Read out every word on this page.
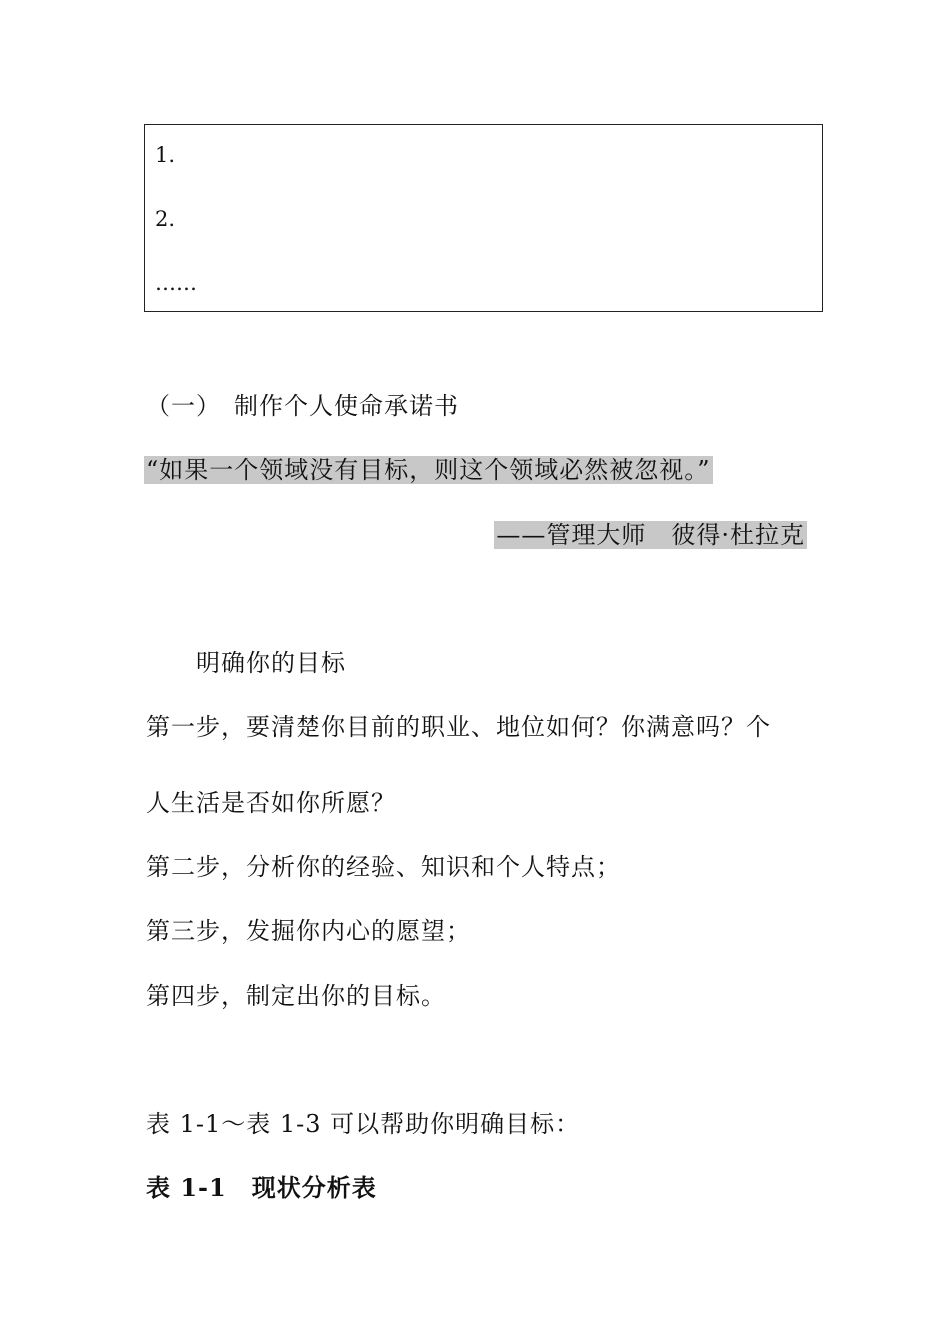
1.
2.
……
（一）　制作个人使命承诺书
“如果一个领域没有目标，则这个领域必然被忽视。”
——管理大师　彼得·杜拉克
明确你的目标
第一步，要清楚你目前的职业、地位如何？你满意吗？个
人生活是否如你所愿？
第二步，分析你的经验、知识和个人特点；
第三步，发掘你内心的愿望；
第四步，制定出你的目标。
表 1-1～表 1-3 可以帮助你明确目标：
表 1-1　现状分析表
